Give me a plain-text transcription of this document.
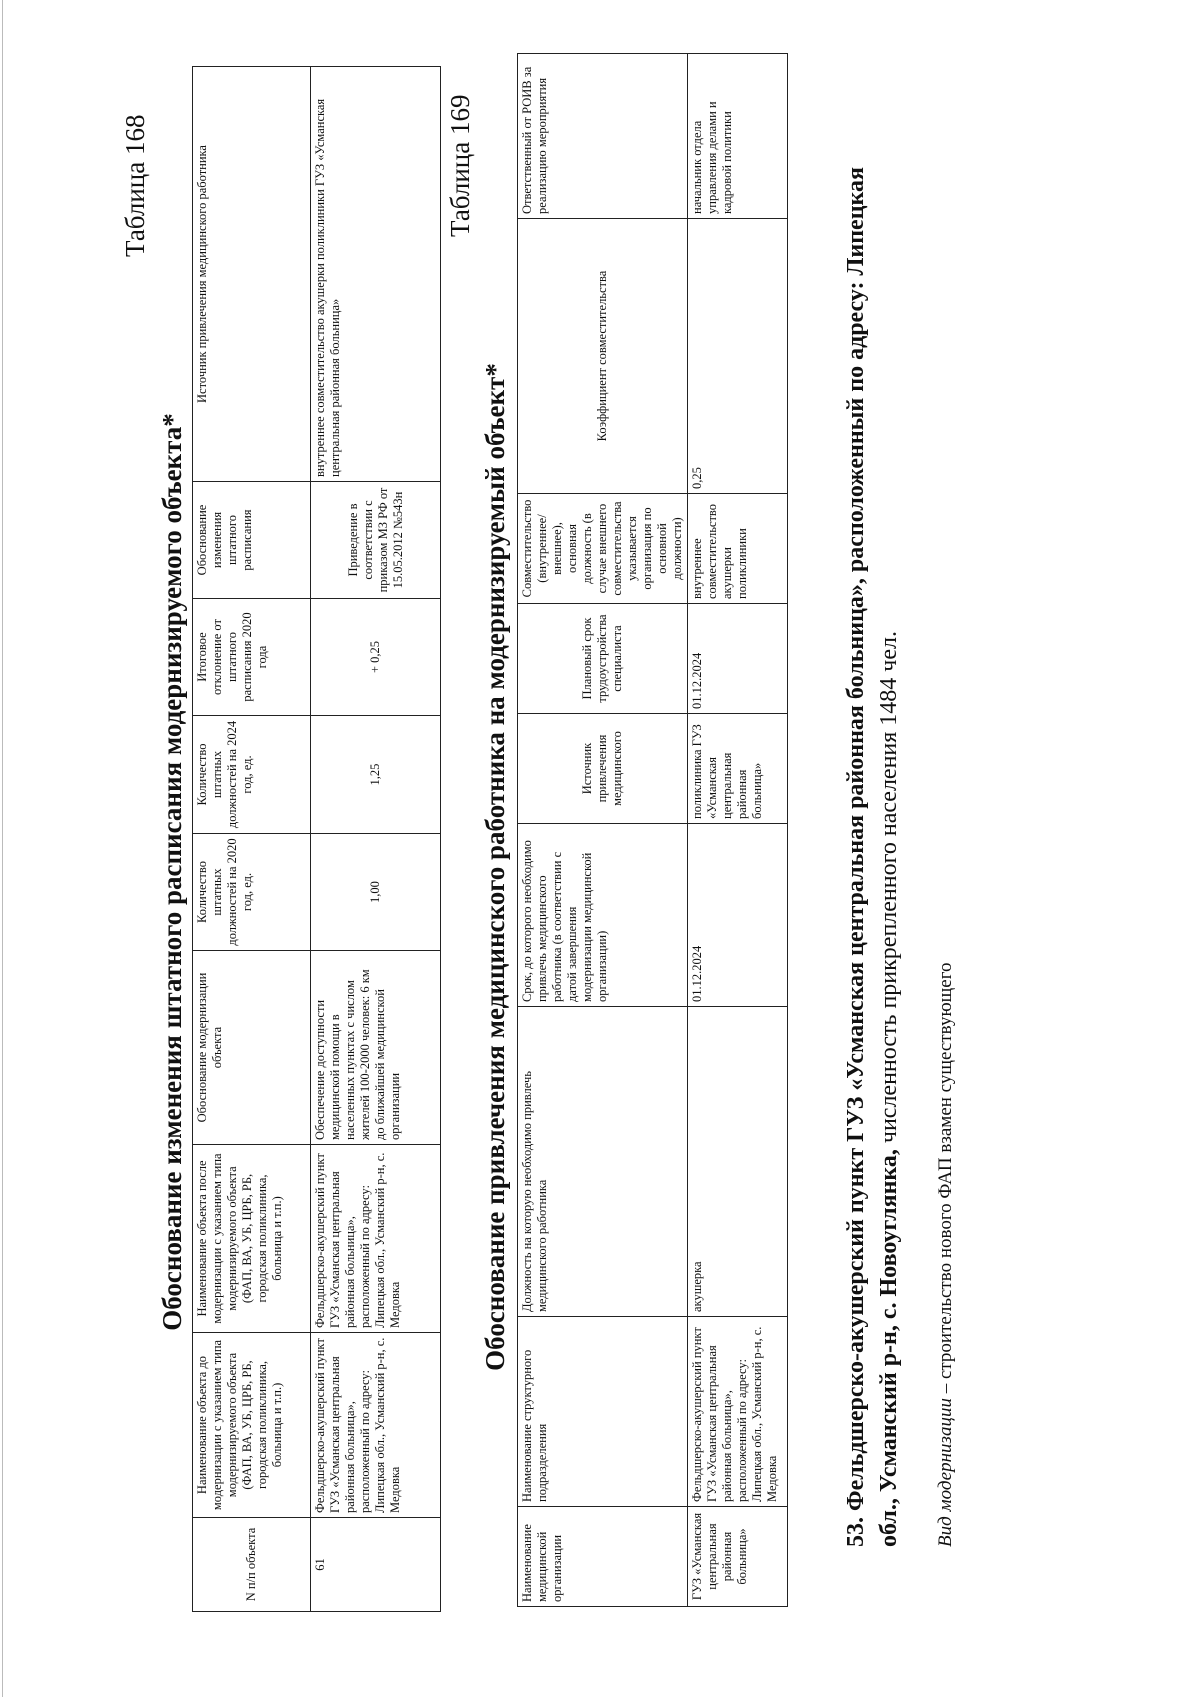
Таблица 168
Обоснование изменения штатного расписания модернизируемого объекта*
N п/п объекта	Наименование объекта до модернизации с указанием типа модернизируемого объекта (ФАП, ВА, УБ, ЦРБ, РБ, городская поликлиника, больница и т.п.)	Наименование объекта после модернизации с указанием типа модернизируемого объекта (ФАП, ВА, УБ, ЦРБ, РБ, городская поликлиника, больница и т.п.)	Обоснование модернизации объекта	Количество штатных должностей на 2020 год, ед.	Количество штатных должностей на 2024 год, ед.	Итоговое отклонение от штатного расписания 2020 года	Обоснование изменения штатного расписания	Источник привлечения медицинского работника
61	Фельдшерско-акушерский пункт ГУЗ «Усманская центральная районная больница», расположенный по адресу: Липецкая обл., Усманский р-н, с. Медовка	Фельдшерско-акушерский пункт ГУЗ «Усманская центральная районная больница», расположенный по адресу: Липецкая обл., Усманский р-н, с. Медовка	Обеспечение доступности медицинской помощи в населенных пунктах с числом жителей 100-2000 человек: 6 км до ближайшей медицинской организации	1,00	1,25	+ 0,25	Приведение в соответствии с приказом МЗ РФ от 15.05.2012 №543н	внутреннее совместительство акушерки поликлиники ГУЗ «Усманская центральная районная больница»
Таблица 169
Обоснование привлечения медицинского работника на модернизируемый объект*
Наименование медицинской организации	Наименование структурного подразделения	Должность на которую необходимо привлечь медицинского работника	Срок, до которого необходимо привлечь медицинского работника (в соответствии с датой завершения модернизации медицинской организации)	Источник привлечения медицинского	Плановый срок трудоустройства специалиста	Совместительство (внутреннее/внешнее), основная должность (в случае внешнего совместительства указывается организация по основной должности)	Коэффициент совместительства	Ответственный от РОИВ за реализацию мероприятия
ГУЗ «Усманская центральная районная больница»	Фельдшерско-акушерский пункт ГУЗ «Усманская центральная районная больница», расположенный по адресу: Липецкая обл., Усманский р-н, с. Медовка	акушерка	01.12.2024	поликлиника ГУЗ «Усманская центральная районная больница»	01.12.2024	внутреннее совместительство акушерки поликлиники	0,25	начальник отдела управления делами и кадровой политики
53. Фельдшерско-акушерский пункт ГУЗ «Усманская центральная районная больница», расположенный по адресу: Липецкая обл., Усманский р-н, с. Новоуглянка, численность прикрепленного населения 1484 чел.
Вид модернизации – строительство нового ФАП взамен существующего
